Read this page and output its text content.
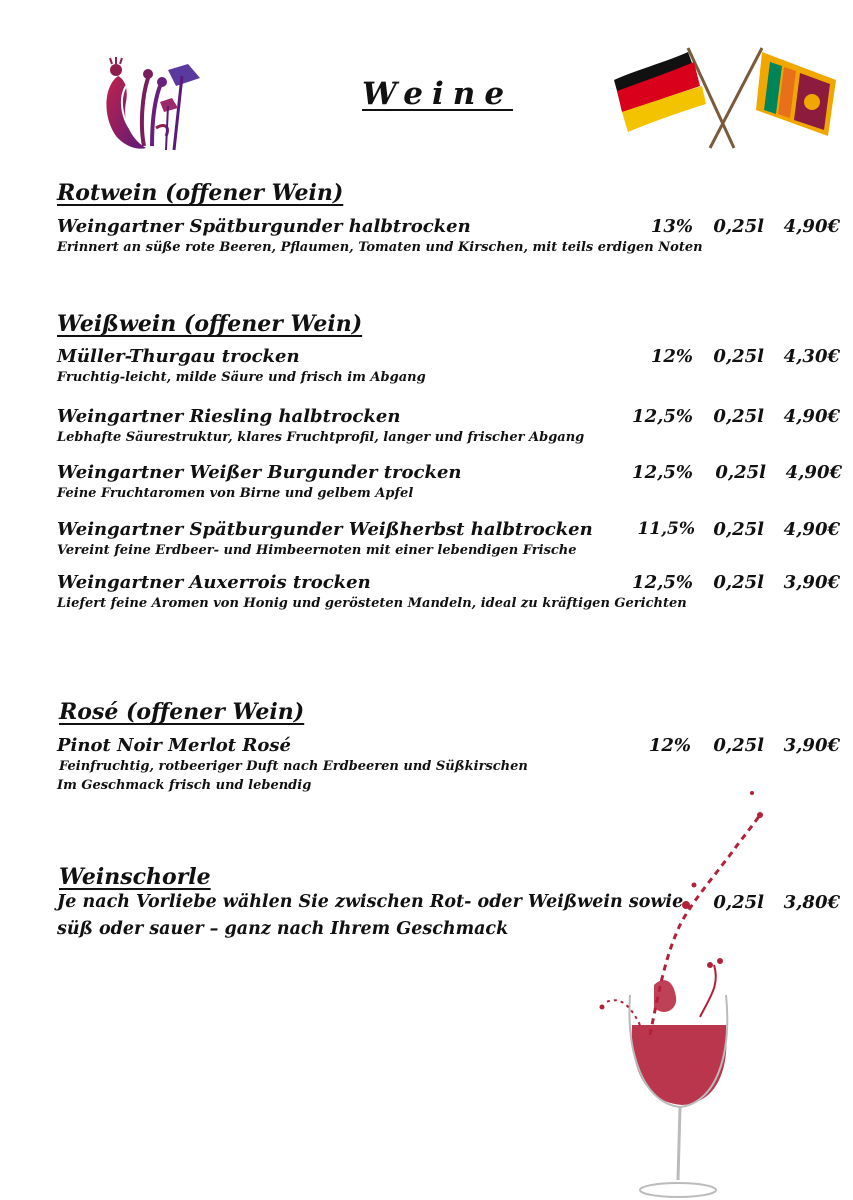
Weine
Rotwein (offener Wein)
Weingartner Spätburgunder halbtrocken
Erinnert an süße rote Beeren, Pflaumen, Tomaten und Kirschen, mit teils erdigen Noten
13%	0,25l	4,90€
Weißwein (offener Wein)
Müller-Thurgau trocken
Fruchtig-leicht, milde Säure und frisch im Abgang
12%	0,25l	4,30€
Weingartner Riesling halbtrocken
Lebhafte Säurestruktur, klares Fruchtprofil, langer und frischer Abgang
12,5%	0,25l	4,90€
Weingartner Weißer Burgunder trocken
Feine Fruchtaromen von Birne und gelbem Apfel
12,5%	0,25l	4,90€
Weingartner Spätburgunder Weißherbst halbtrocken
Vereint feine Erdbeer- und Himbeernoten mit einer lebendigen Frische
11,5%	0,25l	4,90€
Weingartner Auxerrois trocken
Liefert feine Aromen von Honig und gerösteten Mandeln, ideal zu kräftigen Gerichten
12,5%	0,25l	3,90€
Rosé (offener Wein)
Pinot Noir Merlot Rosé
Feinfruchtig, rotbeeriger Duft nach Erdbeeren und Süßkirschen
Im Geschmack frisch und lebendig
12%	0,25l	3,90€
Weinschorle
Je nach Vorliebe wählen Sie zwischen Rot- oder Weißwein sowie
süß oder sauer – ganz nach Ihrem Geschmack
0,25l	3,80€
